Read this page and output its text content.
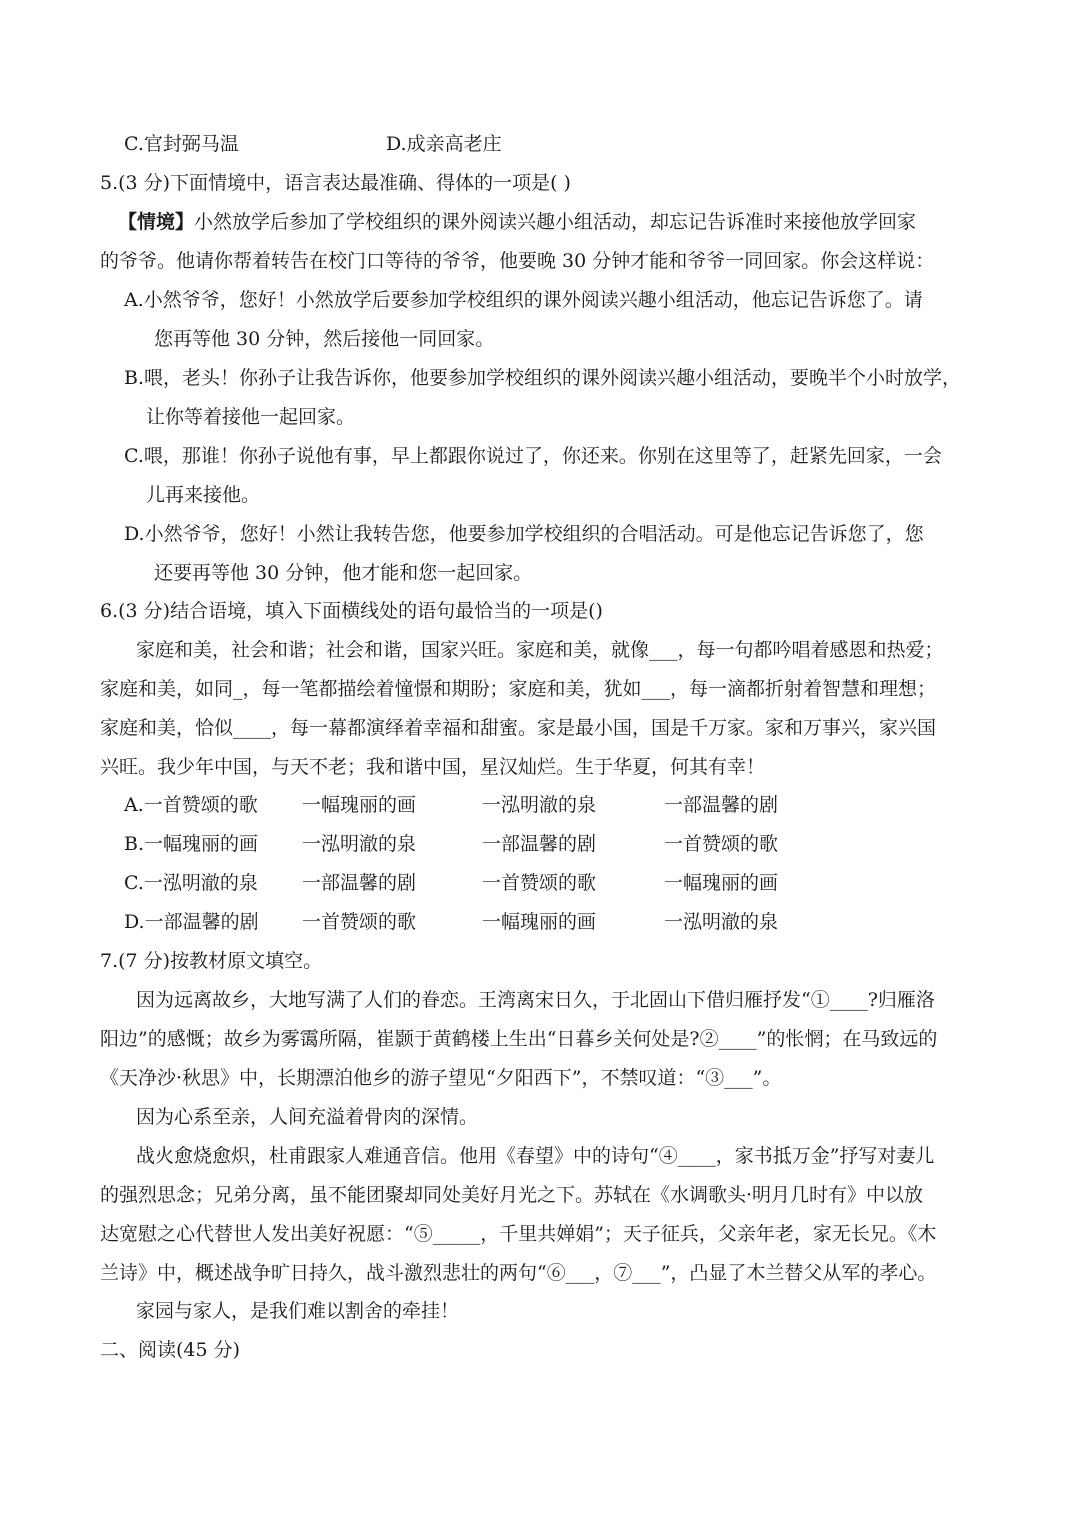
C.官封弼马温	D.成亲高老庄
5.(3 分)下面情境中，语言表达最准确、得体的一项是( )
【情境】小然放学后参加了学校组织的课外阅读兴趣小组活动，却忘记告诉准时来接他放学回家
的爷爷。他请你帮着转告在校门口等待的爷爷，他要晚 30 分钟才能和爷爷一同回家。你会这样说：
A.小然爷爷，您好！小然放学后要参加学校组织的课外阅读兴趣小组活动，他忘记告诉您了。请
您再等他 30 分钟，然后接他一同回家。
B.喂，老头！你孙子让我告诉你，他要参加学校组织的课外阅读兴趣小组活动，要晚半个小时放学，
让你等着接他一起回家。
C.喂，那谁！你孙子说他有事，早上都跟你说过了，你还来。你别在这里等了，赶紧先回家，一会
儿再来接他。
D.小然爷爷，您好！小然让我转告您，他要参加学校组织的合唱活动。可是他忘记告诉您了，您
还要再等他 30 分钟，他才能和您一起回家。
6.(3 分)结合语境，填入下面横线处的语句最恰当的一项是()
家庭和美，社会和谐；社会和谐，国家兴旺。家庭和美，就像___，每一句都吟唱着感恩和热爱；
家庭和美，如同_，每一笔都描绘着憧憬和期盼；家庭和美，犹如___，每一滴都折射着智慧和理想；
家庭和美，恰似____，每一幕都演绎着幸福和甜蜜。家是最小国，国是千万家。家和万事兴，家兴国
兴旺。我少年中国，与天不老；我和谐中国，星汉灿烂。生于华夏，何其有幸！
A.一首赞颂的歌 一幅瑰丽的画	一泓明澈的泉	一部温馨的剧
B.一幅瑰丽的画 一泓明澈的泉	一部温馨的剧	一首赞颂的歌
C.一泓明澈的泉 一部温馨的剧	一首赞颂的歌	一幅瑰丽的画
D.一部温馨的剧 一首赞颂的歌	一幅瑰丽的画	一泓明澈的泉
7.(7 分)按教材原文填空。
因为远离故乡，大地写满了人们的眷恋。王湾离宋日久，于北固山下借归雁抒发“①____?归雁洛
阳边”的感慨；故乡为雾霭所隔，崔颢于黄鹤楼上生出“日暮乡关何处是?②____”的怅惘；在马致远的
《天净沙·秋思》中，长期漂泊他乡的游子望见“夕阳西下”，不禁叹道：“③___”。
因为心系至亲，人间充溢着骨肉的深情。
战火愈烧愈炽，杜甫跟家人难通音信。他用《春望》中的诗句“④____，家书抵万金”抒写对妻儿
的强烈思念；兄弟分离，虽不能团聚却同处美好月光之下。苏轼在《水调歌头·明月几时有》中以放
达宽慰之心代替世人发出美好祝愿：“⑤_____，千里共婵娟”；天子征兵，父亲年老，家无长兄。《木
兰诗》中，概述战争旷日持久，战斗激烈悲壮的两句“⑥___，⑦___”，凸显了木兰替父从军的孝心。
家园与家人，是我们难以割舍的牵挂！
二、阅读(45 分)
